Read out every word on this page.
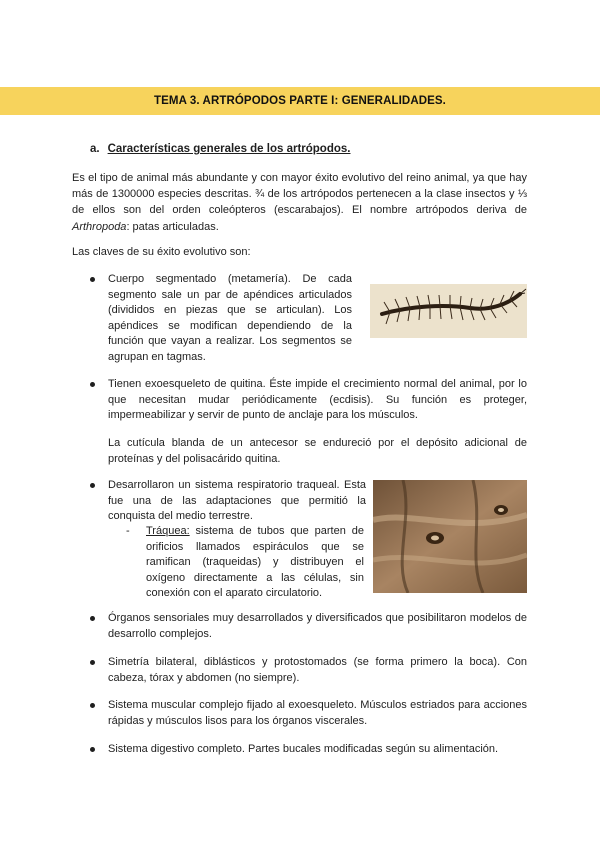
TEMA 3. ARTRÓPODOS PARTE I: GENERALIDADES.
a. Características generales de los artrópodos.

Es el tipo de animal más abundante y con mayor éxito evolutivo del reino animal, ya que hay más de 1300000 especies descritas. ¾ de los artrópodos pertenecen a la clase insectos y ⅓ de ellos son del orden coleópteros (escarabajos). El nombre artrópodos deriva de Arthropoda: patas articuladas.

Las claves de su éxito evolutivo son:

Cuerpo segmentado (metamería). De cada segmento sale un par de apéndices articulados (divididos en piezas que se articulan). Los apéndices se modifican dependiendo de la función que vayan a realizar. Los segmentos se agrupan en tagmas.
Tienen exoesqueleto de quitina. Éste impide el crecimiento normal del animal, por lo que necesitan mudar periódicamente (ecdisis). Su función es proteger, impermeabilizar y servir de punto de anclaje para los músculos.

La cutícula blanda de un antecesor se endureció por el depósito adicional de proteínas y del polisacárido quitina.

Desarrollaron un sistema respiratorio traqueal. Esta fue una de las adaptaciones que permitió la conquista del medio terrestre.
- Tráquea: sistema de tubos que parten de orificios llamados espiráculos que se ramifican (traqueidas) y distribuyen el oxígeno directamente a las células, sin conexión con el aparato circulatorio.
Órganos sensoriales muy desarrollados y diversificados que posibilitaron modelos de desarrollo complejos.
Simetría bilateral, diblásticos y protostomados (se forma primero la boca). Con cabeza, tórax y abdomen (no siempre).
Sistema muscular complejo fijado al exoesqueleto. Músculos estriados para acciones rápidas y músculos lisos para los órganos viscerales.
Sistema digestivo completo. Partes bucales modificadas según su alimentación.
